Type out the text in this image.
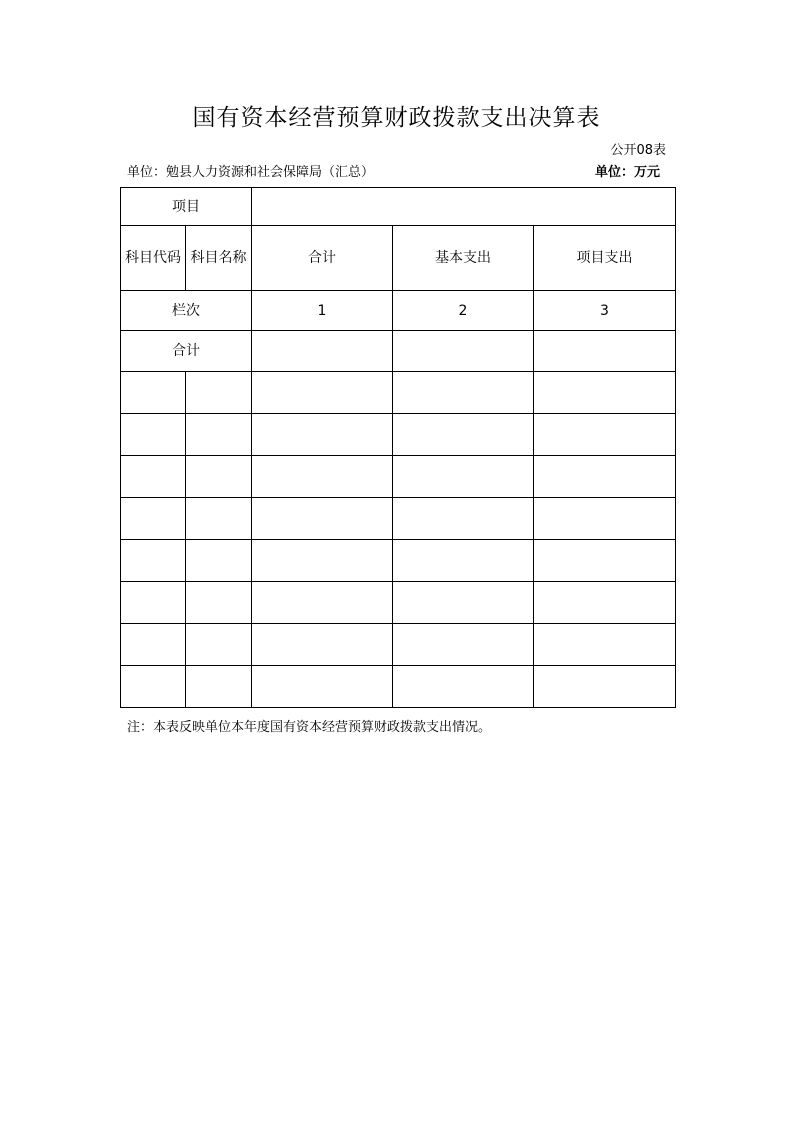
国有资本经营预算财政拨款支出决算表
公开08表
单位：勉县人力资源和社会保障局（汇总）	单位：万元
项目				
科目代码	科目名称	合计	基本支出	项目支出
栏次		1	2	3
合计				

注：本表反映单位本年度国有资本经营预算财政拨款支出情况。
